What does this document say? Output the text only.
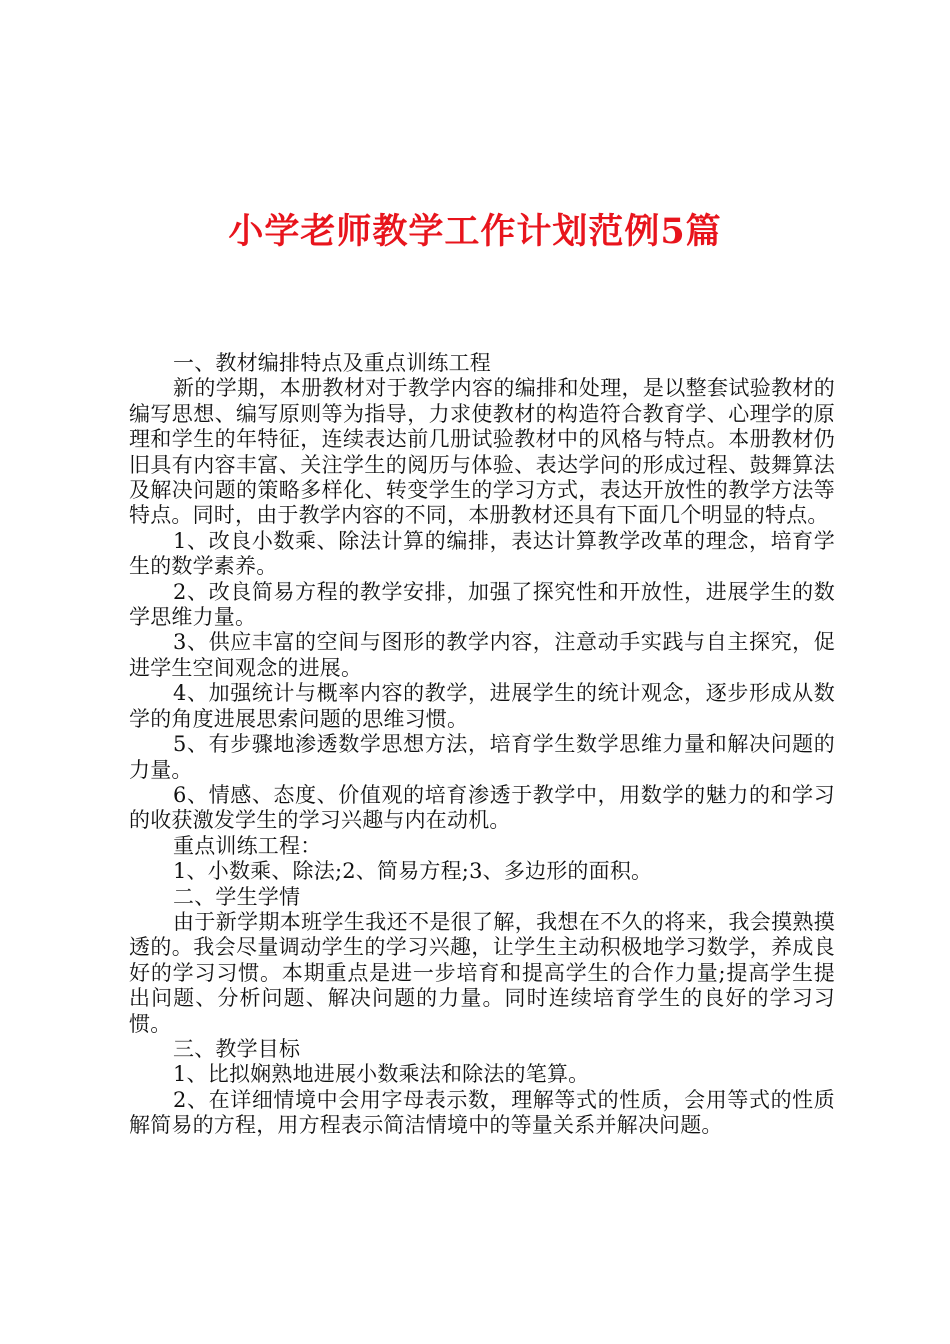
小学老师教学工作计划范例5篇

一、教材编排特点及重点训练工程

新的学期，本册教材对于教学内容的编排和处理，是以整套试验教材的编写思想、编写原则等为指导，力求使教材的构造符合教育学、心理学的原理和学生的年特征，连续表达前几册试验教材中的风格与特点。本册教材仍旧具有内容丰富、关注学生的阅历与体验、表达学问的形成过程、鼓舞算法及解决问题的策略多样化、转变学生的学习方式，表达开放性的教学方法等特点。同时，由于教学内容的不同，本册教材还具有下面几个明显的特点。

1、改良小数乘、除法计算的编排，表达计算教学改革的理念，培育学生的数学素养。

2、改良简易方程的教学安排，加强了探究性和开放性，进展学生的数学思维力量。

3、供应丰富的空间与图形的教学内容，注意动手实践与自主探究，促进学生空间观念的进展。

4、加强统计与概率内容的教学，进展学生的统计观念，逐步形成从数学的角度进展思索问题的思维习惯。

5、有步骤地渗透数学思想方法，培育学生数学思维力量和解决问题的力量。

6、情感、态度、价值观的培育渗透于教学中，用数学的魅力的和学习的收获激发学生的学习兴趣与内在动机。

重点训练工程：

1、小数乘、除法;2、简易方程;3、多边形的面积。

二、学生学情

由于新学期本班学生我还不是很了解，我想在不久的将来，我会摸熟摸透的。我会尽量调动学生的学习兴趣，让学生主动积极地学习数学，养成良好的学习习惯。本期重点是进一步培育和提高学生的合作力量;提高学生提出问题、分析问题、解决问题的力量。同时连续培育学生的良好的学习习惯。

三、教学目标

1、比拟娴熟地进展小数乘法和除法的笔算。

2、在详细情境中会用字母表示数，理解等式的性质，会用等式的性质解简易的方程，用方程表示简洁情境中的等量关系并解决问题。
